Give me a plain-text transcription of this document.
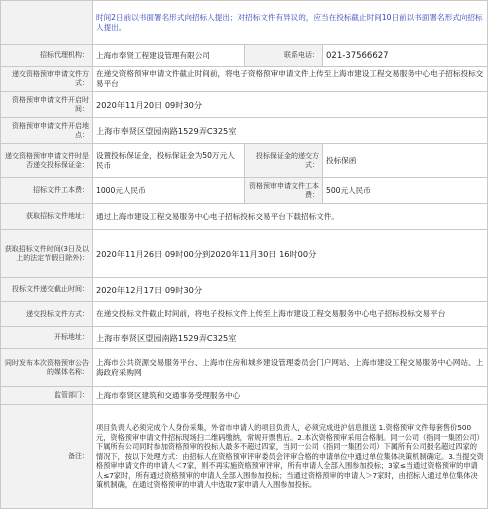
	时间2日前以书面署名形式向招标人提出；对招标文件有异议的，应当在投标截止时间10日前以书面署名形式向招标人提出。		
招标代理机构：	上海市奉贤工程建设管理有限公司	联系电话：	021-37566627
递交资格预审申请文件方式：	在递交资格预审申请文件截止时间前，将电子资格预审申请文件上传至上海市建设工程交易服务中心电子招标投标交易平台		
资格预审申请文件开启时间：	2020年11月20日 09时30分		
资格预审申请文件开启地点：	上海市奉贤区望园南路1529弄C325室		
递交资格预审申请文件时是否递交投标保证金：	设置投标保证金，投标保证金为50万元人民币	投标保证金的递交方式：	投标保函
招标文件工本费：	1000元人民币	资格预审申请文件工本费：	500元人民币
获取招标文件地址：	通过上海市建设工程交易服务中心电子招标投标交易平台下载招标文件。		
获取招标文件时间(3日及以上的法定节假日除外)：	2020年11月26日 09时00分到2020年11月30日 16时00分		
投标文件递交截止时间：	2020年12月17日 09时30分		
递交投标文件方式：	在递交投标文件截止时间前，将电子投标文件上传至上海市建设工程交易服务中心电子招标投标交易平台		
开标地址：	上海市奉贤区望园南路1529弄C325室		
同时发布本次资格预审公告的媒体名称：	上海市公共资源交易服务平台、上海市住房和城乡建设管理委员会门户网站、上海市建设工程交易服务中心网站、上海政府采购网		
监管部门：	上海市奉贤区建筑和交通事务受理服务中心		
备注：	项目负责人必须完成个人身份采集，外省市申请人的项目负责人，必须完成进沪信息报送 1.资格预审文件每套售价500元，资格预审申请文件招标现场扫二维码缴纳，常规开票售后。2.本次资格预审采用合格制。同一公司（指同一集团公司）下属所有公司同时参加资格预审的投标人最多不超过四家，当同一公司（指同一集团公司）下属所有公司报名超过四家的情况下，按以下处理方式：由招标人在资格预审评审委员会评审合格的申请单位中通过单位集体决策机制确定。3.当提交资格预审申请文件的申请人＜7家，则不再实施资格预审评审，所有申请人全部入围参加投标；3家≤当通过资格预审的申请人≤7家时，所有通过资格预审的申请人全部入围参加投标；当通过资格预审的申请人＞7家时，由招标人通过单位集体决策机制确，在通过资格预审的申请人中选取7家申请人入围参加投标。		
